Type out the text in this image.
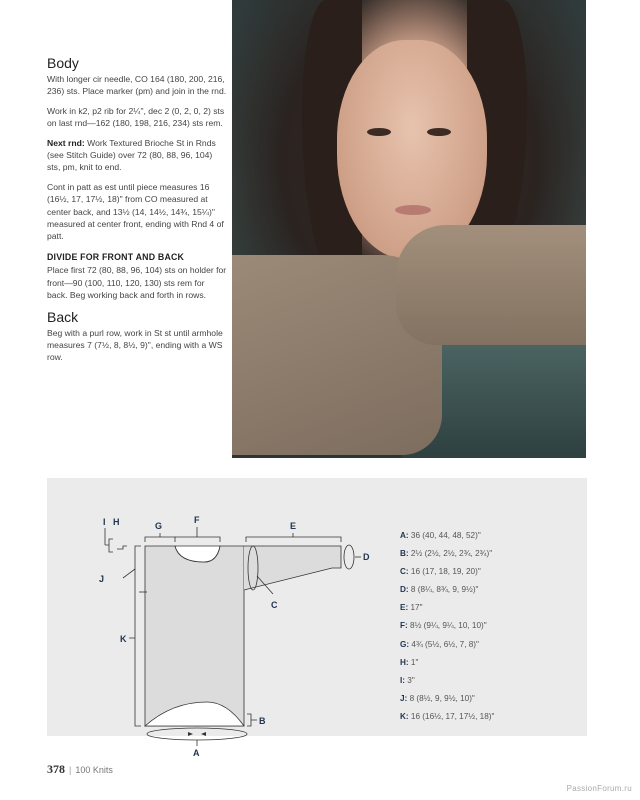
Body

With longer cir needle, CO 164 (180, 200, 216, 236) sts. Place marker (pm) and join in the rnd.

Work in k2, p2 rib for 2¼", dec 2 (0, 2, 0, 2) sts on last rnd—162 (180, 198, 216, 234) sts rem.

Next rnd: Work Textured Brioche St in Rnds (see Stitch Guide) over 72 (80, 88, 96, 104) sts, pm, knit to end.

Cont in patt as est until piece measures 16 (16½, 17, 17½, 18)" from CO measured at center back, and 13½ (14, 14½, 14¾, 15¼)" measured at center front, ending with Rnd 4 of patt.

DIVIDE FOR FRONT AND BACK

Place first 72 (80, 88, 96, 104) sts on holder for front—90 (100, 110, 120, 130) sts rem for back. Beg working back and forth in rows.

Back

Beg with a purl row, work in St st until armhole measures 7 (7½, 8, 8½, 9)", ending with a WS row.

I H	G
F
E
J
K
C
D
B
A
A: 36 (40, 44, 48, 52)"
B: 2½ (2½, 2½, 2¾, 2¾)"
C: 16 (17, 18, 19, 20)"
D: 8 (8¼, 8¾, 9, 9½)"
E: 17"
F: 8½ (9¼, 9¼, 10, 10)"
G: 4¾ (5½, 6½, 7, 8)"
H: 1"
I: 3"
J: 8 (8½, 9, 9½, 10)"
K: 16 (16½, 17, 17½, 18)"
378 | 100 Knits
PassionForum.ru
